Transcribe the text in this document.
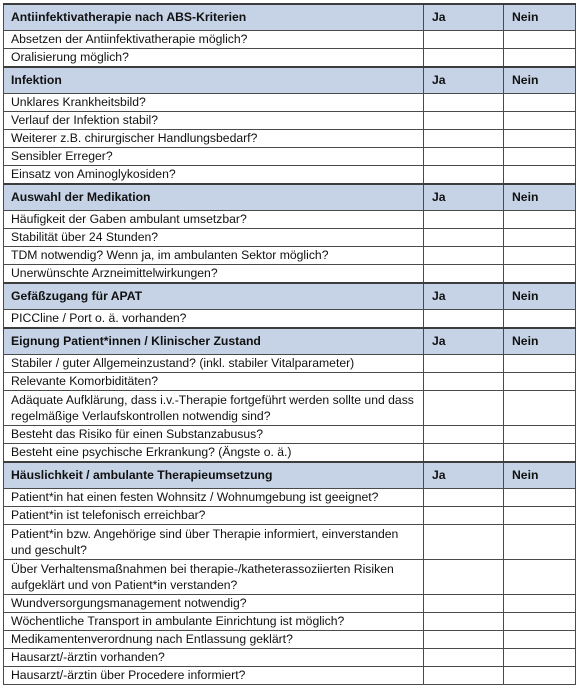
Antiinfektivatherapie nach ABS-Kriterien	Ja	Nein
Absetzen der Antiinfektivatherapie möglich?		
Oralisierung möglich?		
Infektion	Ja	Nein
Unklares Krankheitsbild?		
Verlauf der Infektion stabil?		
Weiterer z.B. chirurgischer Handlungsbedarf?		
Sensibler Erreger?		
Einsatz von Aminoglykosiden?		
Auswahl der Medikation	Ja	Nein
Häufigkeit der Gaben ambulant umsetzbar?		
Stabilität über 24 Stunden?		
TDM notwendig? Wenn ja, im ambulanten Sektor möglich?		
Unerwünschte Arzneimittelwirkungen?		
Gefäßzugang für APAT	Ja	Nein
PICCline / Port o. ä. vorhanden?		
Eignung Patient*innen / Klinischer Zustand	Ja	Nein
Stabiler / guter Allgemeinzustand? (inkl. stabiler Vitalparameter)		
Relevante Komorbiditäten?		
Adäquate Aufklärung, dass i.v.-Therapie fortgeführt werden sollte und dass regelmäßige Verlaufskontrollen notwendig sind?		
Besteht das Risiko für einen Substanzabusus?		
Besteht eine psychische Erkrankung? (Ängste o. ä.)		
Häuslichkeit / ambulante Therapieumsetzung	Ja	Nein
Patient*in hat einen festen Wohnsitz / Wohnumgebung ist geeignet?		
Patient*in ist telefonisch erreichbar?		
Patient*in bzw. Angehörige sind über Therapie informiert, einverstanden und geschult?		
Über Verhaltensmaßnahmen bei therapie-/katheterassoziierten Risiken aufgeklärt und von Patient*in verstanden?		
Wundversorgungsmanagement notwendig?		
Wöchentliche Transport in ambulante Einrichtung ist möglich?		
Medikamentenverordnung nach Entlassung geklärt?		
Hausarzt/-ärztin vorhanden?		
Hausarzt/-ärztin über Procedere informiert?		
